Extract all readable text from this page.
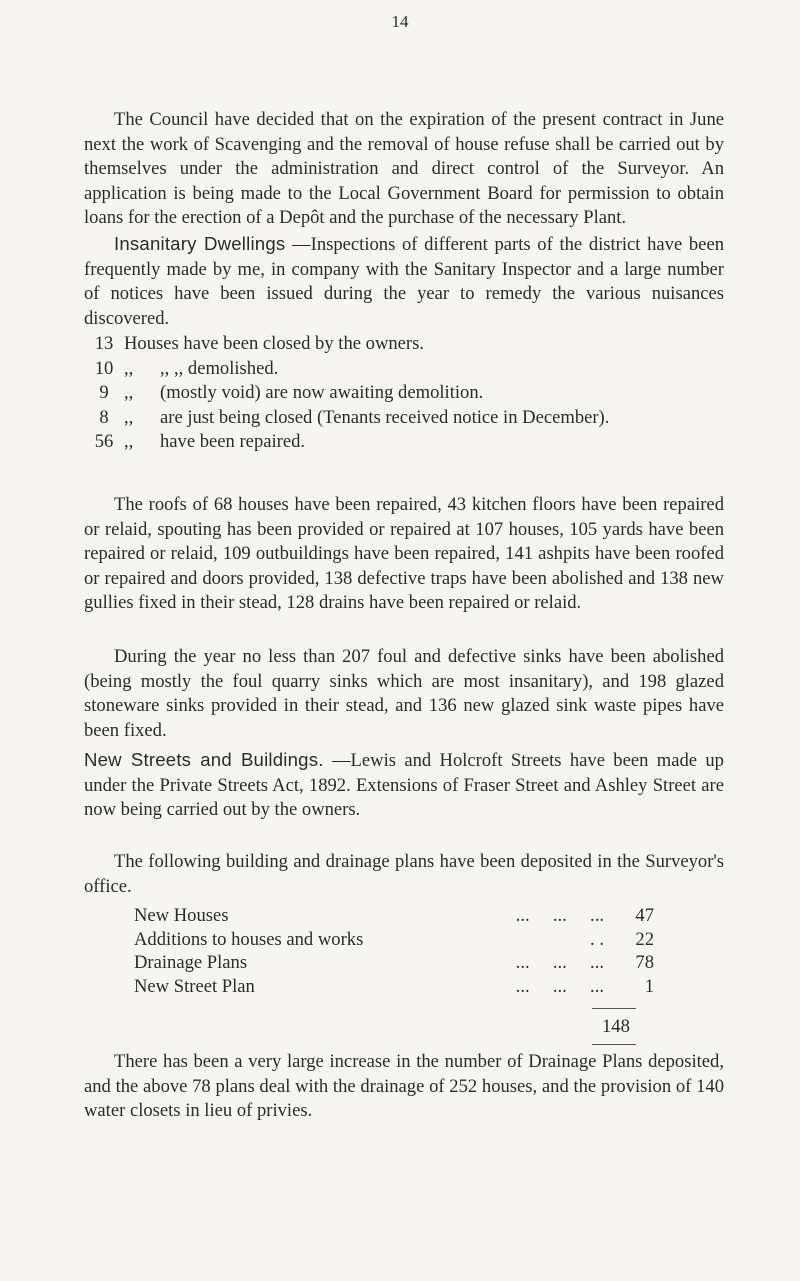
14

The Council have decided that on the expiration of the present contract in June next the work of Scavenging and the removal of house refuse shall be carried out by themselves under the administration and direct control of the Surveyor. An application is being made to the Local Government Board for permission to obtain loans for the erection of a Depôt and the purchase of the necessary Plant.

Insanitary Dwellings —Inspections of different parts of the district have been frequently made by me, in company with the Sanitary Inspector and a large number of notices have been issued during the year to remedy the various nuisances discovered.

13 Houses have been closed by the owners.
10 ,,	,, ,, demolished.
9 ,,	(mostly void) are now awaiting demolition.
8 ,,	are just being closed (Tenants received notice in December).
56 ,,	have been repaired.

The roofs of 68 houses have been repaired, 43 kitchen floors have been repaired or relaid, spouting has been provided or repaired at 107 houses, 105 yards have been repaired or relaid, 109 outbuildings have been repaired, 141 ashpits have been roofed or repaired and doors provided, 138 defective traps have been abolished and 138 new gullies fixed in their stead, 128 drains have been repaired or relaid.

During the year no less than 207 foul and defective sinks have been abolished (being mostly the foul quarry sinks which are most insanitary), and 198 glazed stoneware sinks provided in their stead, and 136 new glazed sink waste pipes have been fixed.

New Streets and Buildings. —Lewis and Holcroft Streets have been made up under the Private Streets Act, 1892. Extensions of Fraser Street and Ashley Street are now being carried out by the owners.

The following building and drainage plans have been deposited in the Surveyor's office.

New Houses	...     ...     ...	47
Additions to houses and works	. .	22
Drainage Plans	...     ...     ...	78
New Street Plan	...     ...     ...	1
148

There has been a very large increase in the number of Drainage Plans deposited, and the above 78 plans deal with the drainage of 252 houses, and the provision of 140 water closets in lieu of privies.
